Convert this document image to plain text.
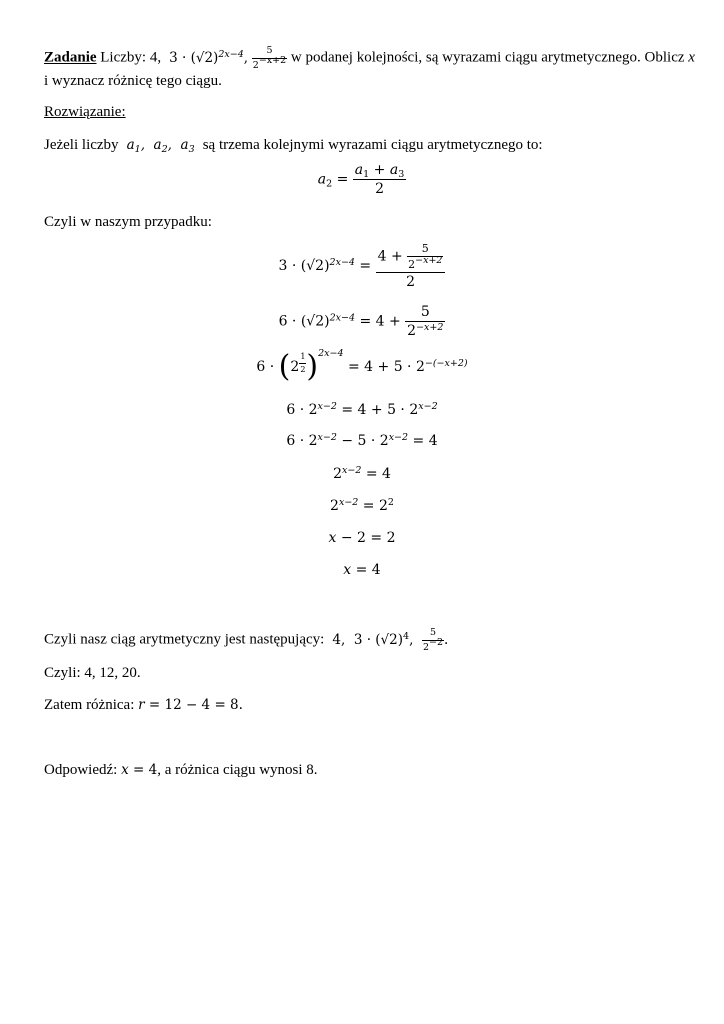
Zadanie Liczby: 4,  $3 \cdot (√2)^{2x-4}$, $\frac{5}{2^{-x+2}}$ w podanej kolejności, są wyrazami ciągu arytmetycznego. Oblicz x
i wyznacz różnicę tego ciągu.
Rozwiązanie:
Jeżeli liczby  $a_1$,  $a_2$,  $a_3$ są trzema kolejnymi wyrazami ciągu arytmetycznego to:
$a_2 = \frac{a_1 + a_3}{2}$
Czyli w naszym przypadku:
$3 \cdot (√2)^{2x-4} = \frac{4 + \frac{5}{2^{-x+2}}}{2}$
$6 \cdot (√2)^{2x-4} = 4 + \frac{5}{2^{-x+2}}$
6 · (2 $^{\frac{1}{2}}$ )$^{2x-4} = 4 + 5 \cdot 2^{-(-x+2)}$
$6 \cdot 2^{x-2} = 4 + 5 \cdot 2^{x-2}$
$6 \cdot 2^{x-2} - 5 \cdot 2^{x-2} = 4$
$2^{x-2} = 4$
$2^{x-2} = 2^2$
x − 2 = 2
x = 4
Czyli nasz ciąg arytmetyczny jest następujący:  4,  $3 \cdot (√2)^4$, $\frac{5}{2^{-2}}$ .
Czyli: 4, 12, 20.
Zatem różnica: r = 12 − 4 = 8.
Odpowiedź: x = 4, a różnica ciągu wynosi 8.
